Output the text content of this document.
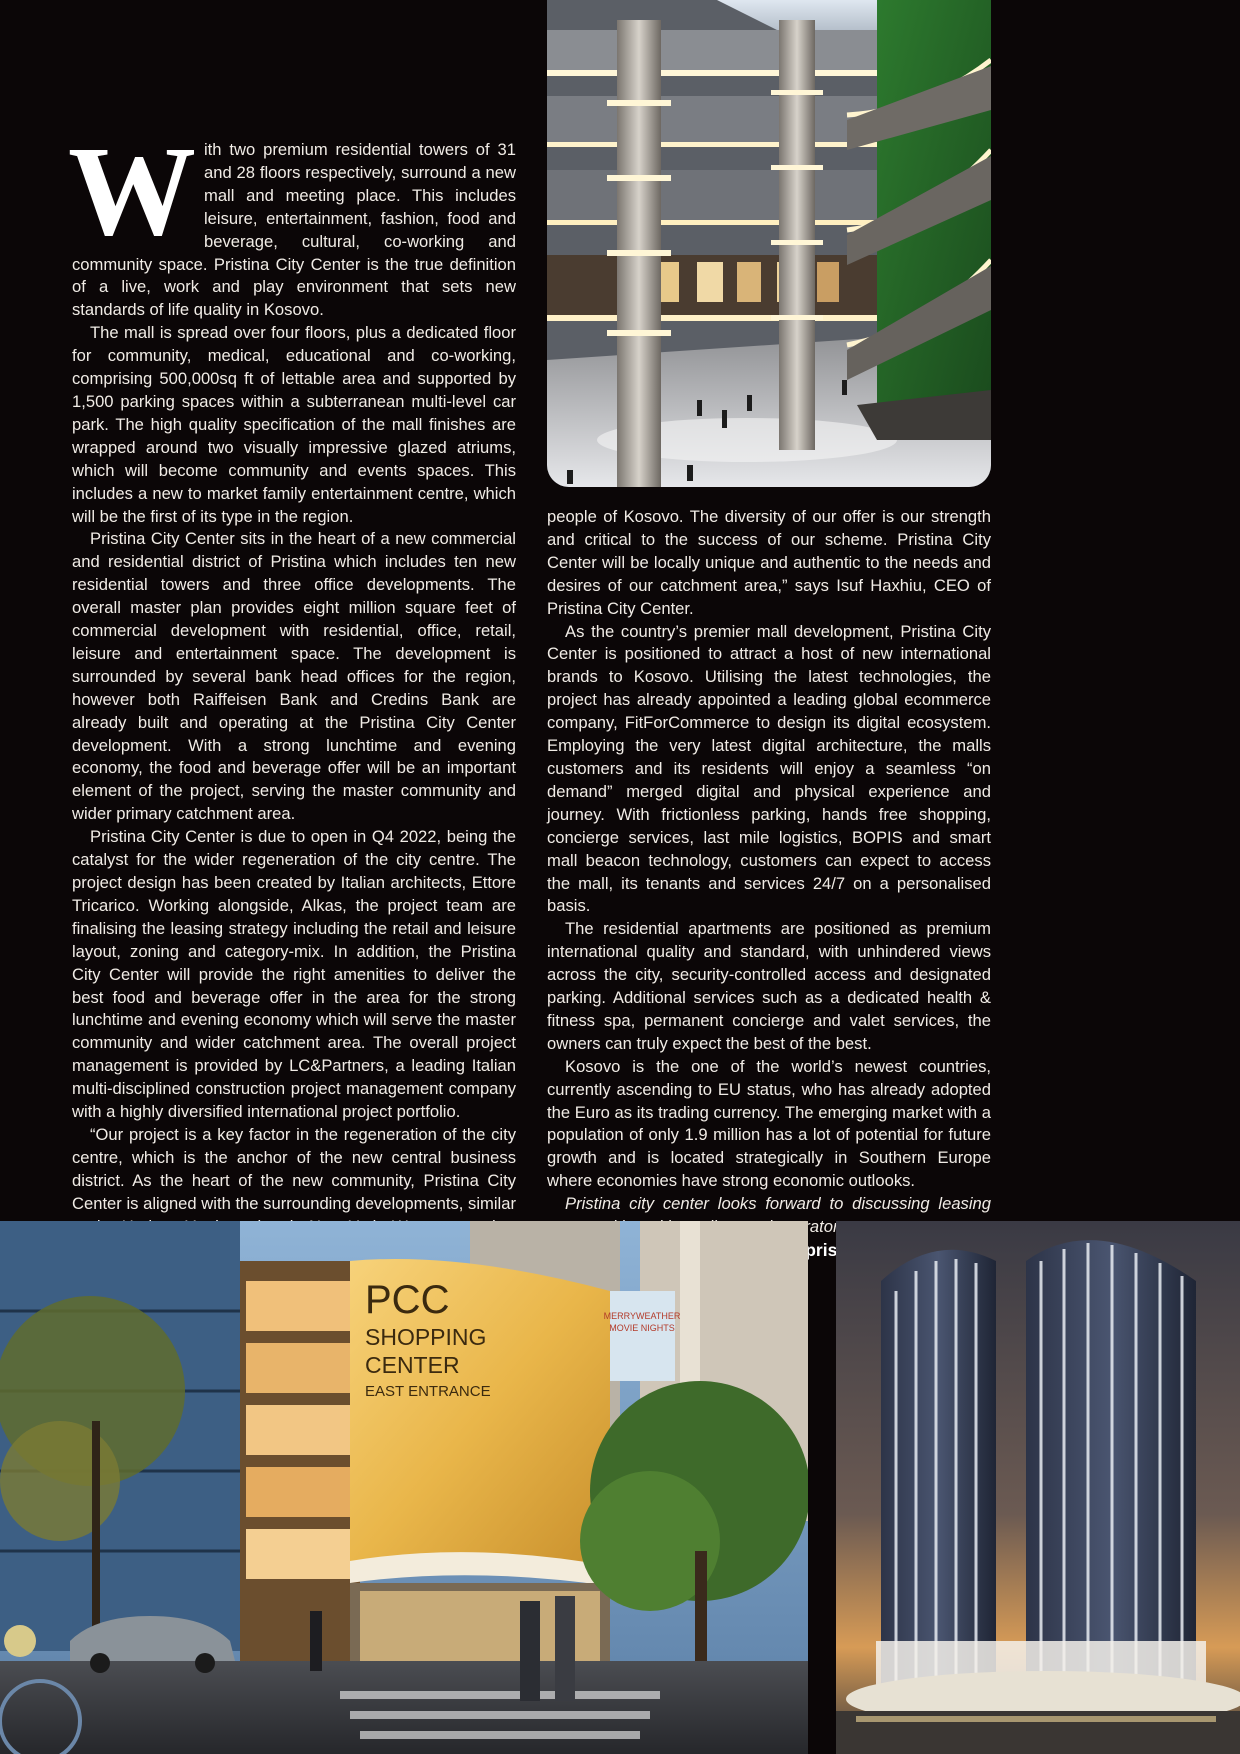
With two premium residential towers of 31 and 28 floors respectively, surround a new mall and meeting place. This includes leisure, entertainment, fashion, food and beverage, cultural, co-working and community space. Pristina City Center is the true definition of a live, work and play environment that sets new standards of life quality in Kosovo.

The mall is spread over four floors, plus a dedicated floor for community, medical, educational and co-working, comprising 500,000sq ft of lettable area and supported by 1,500 parking spaces within a subterranean multi-level car park. The high quality specification of the mall finishes are wrapped around two visually impressive glazed atriums, which will become community and events spaces. This includes a new to market family entertainment centre, which will be the first of its type in the region.

Pristina City Center sits in the heart of a new commercial and residential district of Pristina which includes ten new residential towers and three office developments. The overall master plan provides eight million square feet of commercial development with residential, office, retail, leisure and entertainment space. The development is surrounded by several bank head offices for the region, however both Raiffeisen Bank and Credins Bank are already built and operating at the Pristina City Center development. With a strong lunchtime and evening economy, the food and beverage offer will be an important element of the project, serving the master community and wider primary catchment area.

Pristina City Center is due to open in Q4 2022, being the catalyst for the wider regeneration of the city centre. The project design has been created by Italian architects, Ettore Tricarico. Working alongside, Alkas, the project team are finalising the leasing strategy including the retail and leisure layout, zoning and category-mix. In addition, the Pristina City Center will provide the right amenities to deliver the best food and beverage offer in the area for the strong lunchtime and evening economy which will serve the master community and wider catchment area. The overall project management is provided by LC&Partners, a leading Italian multi-disciplined construction project management company with a highly diversified international project portfolio.

“Our project is a key factor in the regeneration of the city centre, which is the anchor of the new central business district. As the heart of the new community, Pristina City Center is aligned with the surrounding developments, similar

people of Kosovo. The diversity of our offer is our strength and critical to the success of our scheme. Pristina City Center will be locally unique and authentic to the needs and desires of our catchment area,” says Isuf Haxhiu, CEO of Pristina City Center.

As the country’s premier mall development, Pristina City Center is positioned to attract a host of new international brands to Kosovo. Utilising the latest technologies, the project has already appointed a leading global ecommerce company, FitForCommerce to design its digital ecosystem. Employing the very latest digital architecture, the malls customers and its residents will enjoy a seamless “on demand” merged digital and physical experience and journey. With frictionless parking, hands free shopping, concierge services, last mile logistics, BOPIS and smart mall beacon technology, customers can expect to access the mall, its tenants and services 24/7 on a personalised basis.

The residential apartments are positioned as premium international quality and standard, with unhindered views across the city, security-controlled access and designated parking. Additional services such as a dedicated health & fitness spa, permanent concierge and valet services, the owners can truly expect the best of the best.

Kosovo is the one of the world’s newest countries, currently ascending to EU status, who has already adopted the Euro as its trading currency. The emerging market with a population of only 1.9 million has a lot of potential for future growth and is located strategically in Southern Europe where economies have strong economic outlooks.

Pristina city center looks forward to discussing leasing operators.

MERRYWEATHER
MOVIE NIGHTS
PCC
SHOPPING
CENTER
EAST ENTRANCE
